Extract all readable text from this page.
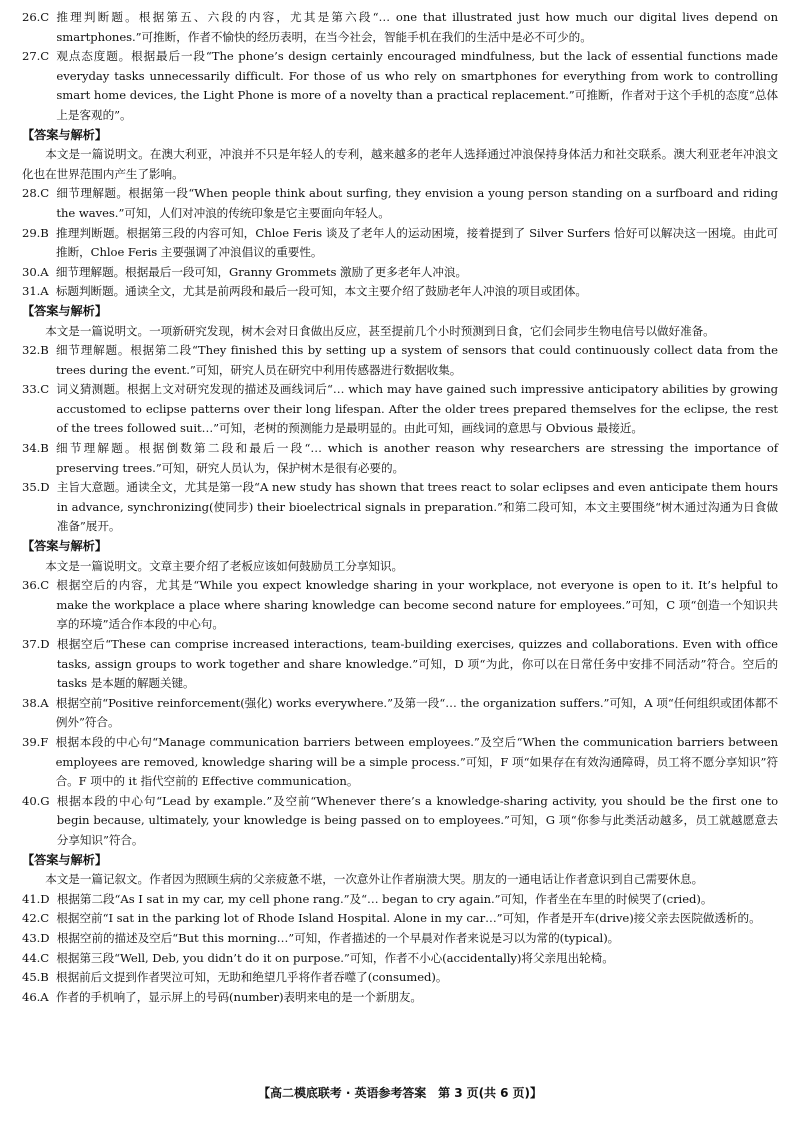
26.C 推理判断题。根据第五、六段的内容，尤其是第六段“… one that illustrated just how much our digital lives depend on smartphones.”可推断，作者不愉快的经历表明，在当今社会，智能手机在我们的生活中是必不可少的。
27.C 观点态度题。根据最后一段“The phone’s design certainly encouraged mindfulness, but the lack of essential functions made everyday tasks unnecessarily difficult. For those of us who rely on smartphones for everything from work to controlling smart home devices, the Light Phone is more of a novelty than a practical replacement.”可推断，作者对于这个手机的态度“总体上是客观的”。

【答案与解析】

本文是一篇说明文。在澳大利亚，冲浪并不只是年轻人的专利，越来越多的老年人选择通过冲浪保持身体活力和社交联系。澳大利亚老年冲浪文化也在世界范围内产生了影响。

28.C 细节理解题。根据第一段“When people think about surfing, they envision a young person standing on a surfboard and riding the waves.”可知，人们对冲浪的传统印象是它主要面向年轻人。
29.B 推理判断题。根据第三段的内容可知，Chloe Feris 谈及了老年人的运动困境，接着提到了 Silver Surfers 恰好可以解决这一困境。由此可推断，Chloe Feris 主要强调了冲浪倡议的重要性。
30.A 细节理解题。根据最后一段可知，Granny Grommets 激励了更多老年人冲浪。
31.A 标题判断题。通读全文，尤其是前两段和最后一段可知，本文主要介绍了鼓励老年人冲浪的项目或团体。

【答案与解析】

本文是一篇说明文。一项新研究发现，树木会对日食做出反应，甚至提前几个小时预测到日食，它们会同步生物电信号以做好准备。

32.B 细节理解题。根据第二段“They finished this by setting up a system of sensors that could continuously collect data from the trees during the event.”可知，研究人员在研究中利用传感器进行数据收集。
33.C 词义猜测题。根据上文对研究发现的描述及画线词后“… which may have gained such impressive anticipatory abilities by growing accustomed to eclipse patterns over their long lifespan. After the older trees prepared themselves for the eclipse, the rest of the trees followed suit…”可知，老树的预测能力是最明显的。由此可知，画线词的意思与 Obvious 最接近。
34.B 细节理解题。根据倒数第二段和最后一段“… which is another reason why researchers are stressing the importance of preserving trees.”可知，研究人员认为，保护树木是很有必要的。
35.D 主旨大意题。通读全文，尤其是第一段“A new study has shown that trees react to solar eclipses and even anticipate them hours in advance, synchronizing(使同步) their bioelectrical signals in preparation.”和第二段可知，本文主要围绕“树木通过沟通为日食做准备”展开。

【答案与解析】

本文是一篇说明文。文章主要介绍了老板应该如何鼓励员工分享知识。

36.C 根据空后的内容，尤其是“While you expect knowledge sharing in your workplace, not everyone is open to it. It’s helpful to make the workplace a place where sharing knowledge can become second nature for employees.”可知，C 项“创造一个知识共享的环境”适合作本段的中心句。
37.D 根据空后“These can comprise increased interactions, team-building exercises, quizzes and collaborations. Even with office tasks, assign groups to work together and share knowledge.”可知，D 项“为此，你可以在日常任务中安排不同活动”符合。空后的 tasks 是本题的解题关键。
38.A 根据空前“Positive reinforcement(强化) works everywhere.”及第一段“… the organization suffers.”可知，A 项“任何组织或团体都不例外”符合。
39.F 根据本段的中心句“Manage communication barriers between employees.”及空后“When the communication barriers between employees are removed, knowledge sharing will be a simple process.”可知，F 项“如果存在有效沟通障碍，员工将不愿分享知识”符合。F 项中的 it 指代空前的 Effective communication。
40.G 根据本段的中心句“Lead by example.”及空前“Whenever there’s a knowledge-sharing activity, you should be the first one to begin because, ultimately, your knowledge is being passed on to employees.”可知，G 项“你参与此类活动越多，员工就越愿意去分享知识”符合。

【答案与解析】

本文是一篇记叙文。作者因为照顾生病的父亲疲惫不堪，一次意外让作者崩溃大哭。朋友的一通电话让作者意识到自己需要休息。

41.D 根据第二段“As I sat in my car, my cell phone rang.”及“… began to cry again.”可知，作者坐在车里的时候哭了(cried)。
42.C 根据空前“I sat in the parking lot of Rhode Island Hospital. Alone in my car…”可知，作者是开车(drive)接父亲去医院做透析的。
43.D 根据空前的描述及空后“But this morning…”可知，作者描述的一个早晨对作者来说是习以为常的(typical)。
44.C 根据第三段“Well, Deb, you didn’t do it on purpose.”可知，作者不小心(accidentally)将父亲甩出轮椅。
45.B 根据前后文提到作者哭泣可知，无助和绝望几乎将作者吞噬了(consumed)。
46.A 作者的手机响了，显示屏上的号码(number)表明来电的是一个新朋友。
【高二模底联考 · 英语参考答案　第 3 页(共 6 页)】
